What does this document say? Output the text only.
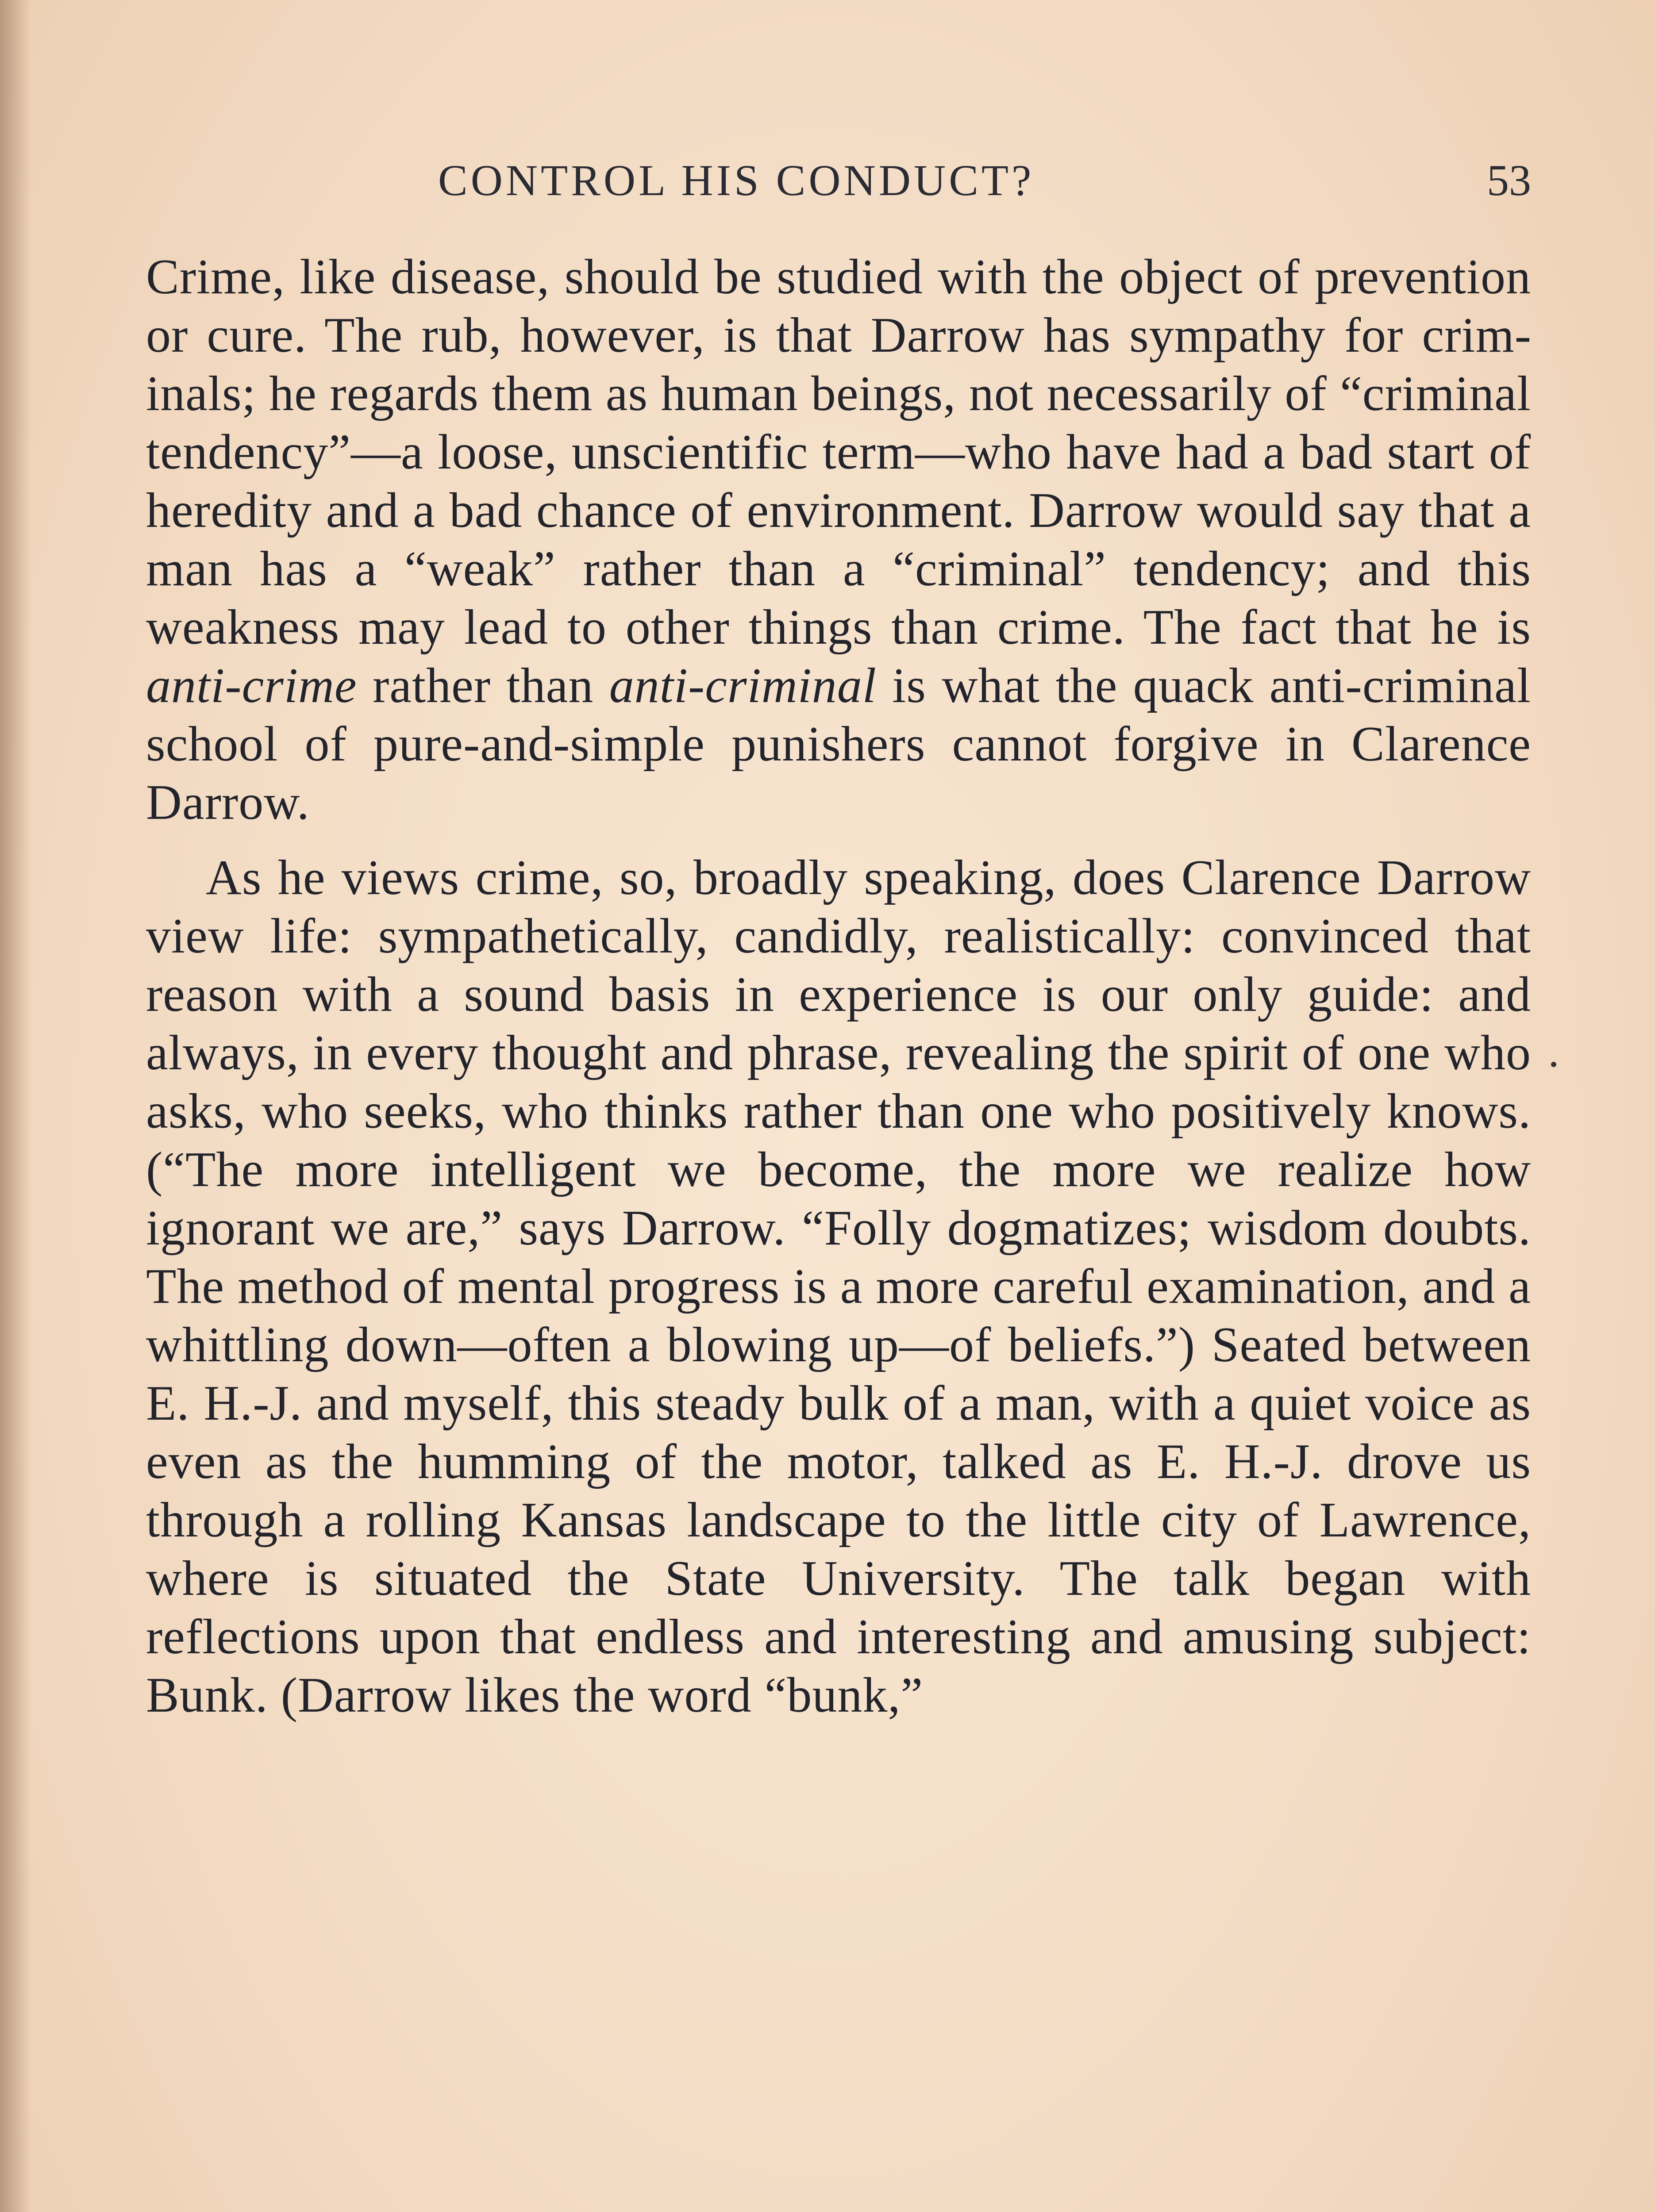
CONTROL HIS CONDUCT?	53

Crime, like disease, should be studied with the object of prevention or cure. The rub, however, is that Darrow has sympathy for criminals; he regards them as human beings, not necessarily of “criminal tendency”—a loose, unscientific term—who have had a bad start of heredity and a bad chance of environment. Darrow would say that a man has a “weak” rather than a “criminal” tendency; and this weakness may lead to other things than crime. The fact that he is anti-crime rather than anti-criminal is what the quack anti-criminal school of pure-and-simple punishers cannot forgive in Clarence Darrow.

As he views crime, so, broadly speaking, does Clarence Darrow view life: sympathetically, candidly, realistically: convinced that reason with a sound basis in experience is our only guide: and always, in every thought and phrase, revealing the spirit of one who asks, who seeks, who thinks rather than one who positively knows. (“The more intelligent we become, the more we realize how ignorant we are,” says Darrow. “Folly dogmatizes; wisdom doubts. The method of mental progress is a more careful examination, and a whittling down—often a blowing up—of beliefs.”) Seated between E. H.-J. and myself, this steady bulk of a man, with a quiet voice as even as the humming of the motor, talked as E. H.-J. drove us through a rolling Kansas landscape to the little city of Lawrence, where is situated the State University. The talk began with reflections upon that endless and interesting and amusing subject: Bunk. (Darrow likes the word “bunk,”
